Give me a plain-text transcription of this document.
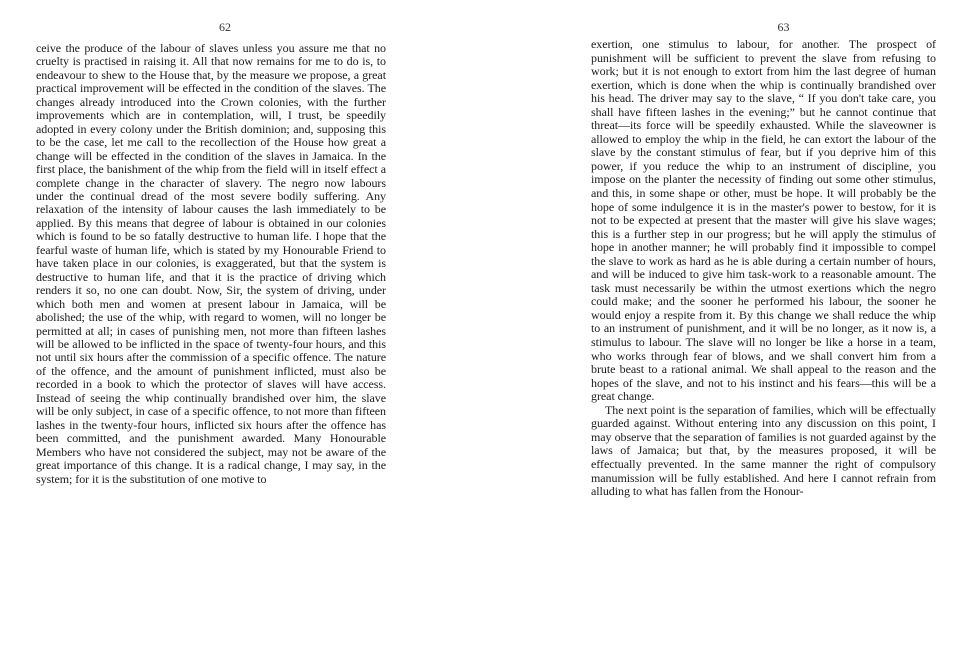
62

ceive the produce of the labour of slaves unless you assure me that no cruelty is practised in raising it. All that now remains for me to do is, to endeavour to shew to the House that, by the measure we propose, a great practical improvement will be effected in the condition of the slaves. The changes already introduced into the Crown colonies, with the further improvements which are in contemplation, will, I trust, be speedily adopted in every colony under the British dominion; and, supposing this to be the case, let me call to the recollection of the House how great a change will be effected in the condition of the slaves in Jamaica. In the first place, the banishment of the whip from the field will in itself effect a complete change in the character of slavery. The negro now labours under the continual dread of the most severe bodily suffering. Any relaxation of the intensity of labour causes the lash immediately to be applied. By this means that degree of labour is obtained in our colonies which is found to be so fatally destructive to human life. I hope that the fearful waste of human life, which is stated by my Honourable Friend to have taken place in our colonies, is exaggerated, but that the system is destructive to human life, and that it is the practice of driving which renders it so, no one can doubt. Now, Sir, the system of driving, under which both men and women at present labour in Jamaica, will be abolished; the use of the whip, with regard to women, will no longer be permitted at all; in cases of punishing men, not more than fifteen lashes will be allowed to be inflicted in the space of twenty-four hours, and this not until six hours after the commission of a specific offence. The nature of the offence, and the amount of punishment inflicted, must also be recorded in a book to which the protector of slaves will have access. Instead of seeing the whip continually brandished over him, the slave will be only subject, in case of a specific offence, to not more than fifteen lashes in the twenty-four hours, inflicted six hours after the offence has been committed, and the punishment awarded. Many Honourable Members who have not considered the subject, may not be aware of the great importance of this change. It is a radical change, I may say, in the system; for it is the substitution of one motive to

63

exertion, one stimulus to labour, for another. The prospect of punishment will be sufficient to prevent the slave from refusing to work; but it is not enough to extort from him the last degree of human exertion, which is done when the whip is continually brandished over his head. The driver may say to the slave, “ If you don't take care, you shall have fifteen lashes in the evening;” but he cannot continue that threat—its force will be speedily exhausted. While the slaveowner is allowed to employ the whip in the field, he can extort the labour of the slave by the constant stimulus of fear, but if you deprive him of this power, if you reduce the whip to an instrument of discipline, you impose on the planter the necessity of finding out some other stimulus, and this, in some shape or other, must be hope. It will probably be the hope of some indulgence it is in the master's power to bestow, for it is not to be expected at present that the master will give his slave wages; this is a further step in our progress; but he will apply the stimulus of hope in another manner; he will probably find it impossible to compel the slave to work as hard as he is able during a certain number of hours, and will be induced to give him task-work to a reasonable amount. The task must necessarily be within the utmost exertions which the negro could make; and the sooner he performed his labour, the sooner he would enjoy a respite from it. By this change we shall reduce the whip to an instrument of punishment, and it will be no longer, as it now is, a stimulus to labour. The slave will no longer be like a horse in a team, who works through fear of blows, and we shall convert him from a brute beast to a rational animal. We shall appeal to the reason and the hopes of the slave, and not to his instinct and his fears—this will be a great change.

The next point is the separation of families, which will be effectually guarded against. Without entering into any discussion on this point, I may observe that the separation of families is not guarded against by the laws of Jamaica; but that, by the measures proposed, it will be effectually prevented. In the same manner the right of compulsory manumission will be fully established. And here I cannot refrain from alluding to what has fallen from the Honour-
